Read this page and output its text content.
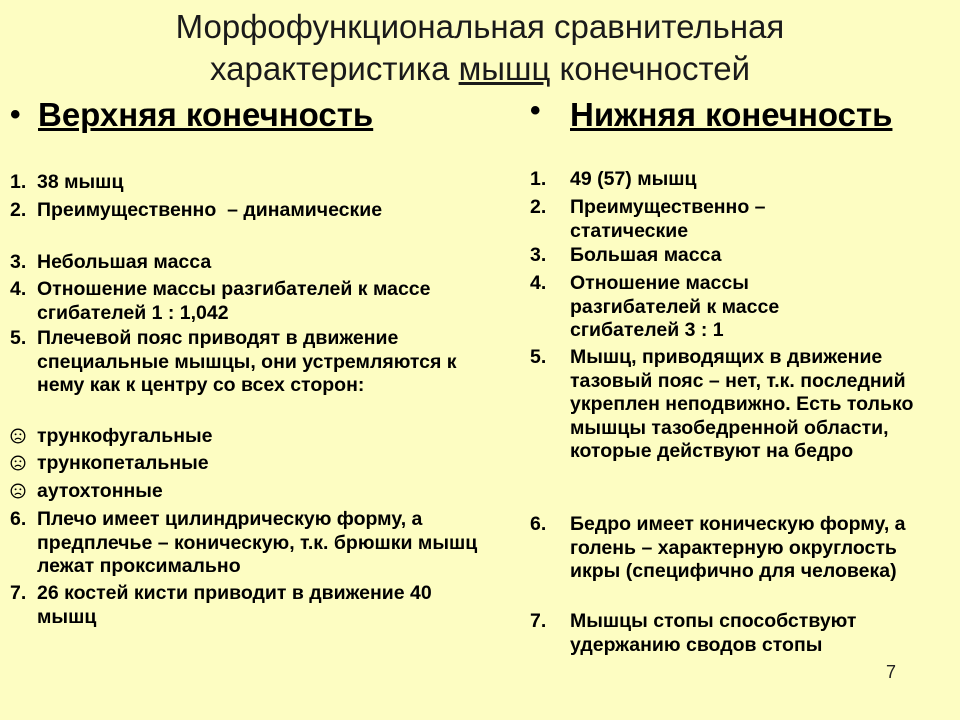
Морфофункциональная сравнительная
характеристика мышц конечностей
• Верхняя конечность
1. 38 мышц
2. Преимущественно  – динамические
3. Небольшая масса
4. Отношение массы разгибателей к массе сгибателей 1 : 1,042
5. Плечевой пояс приводят в движение специальные мышцы, они устремляются к нему как к центру со всех сторон:
трункофугальные
трункопетальные
аутохтонные
6. Плечо имеет цилиндрическую форму, а предплечье – коническую, т.к. брюшки мышц лежат проксимально
7. 26 костей кисти приводит в движение 40 мышц
• Нижняя конечность
1. 49 (57) мышц
2. Преимущественно – статические
3. Большая масса
4. Отношение массы разгибателей к массе сгибателей 3 : 1
5. Мышц, приводящих в движение тазовый пояс – нет, т.к. последний укреплен неподвижно. Есть только мышцы тазобедренной области, которые действуют на бедро
6. Бедро имеет коническую форму, а голень – характерную округлость икры (специфично для человека)
7. Мышцы стопы способствуют удержанию сводов стопы
7
